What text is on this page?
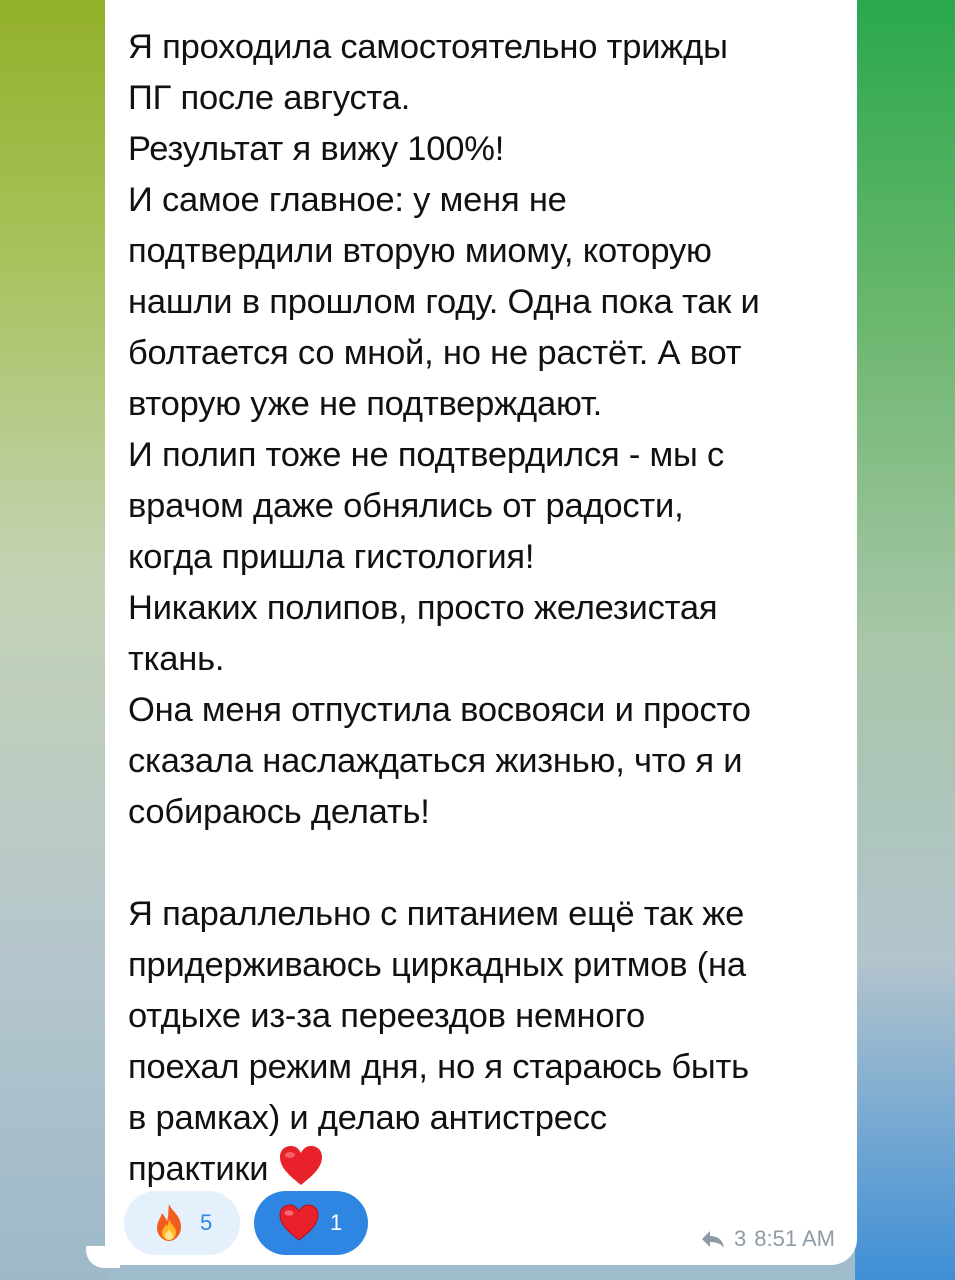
Я проходила самостоятельно трижды
ПГ после августа.
Результат я вижу 100%!
И самое главное: у меня не
подтвердили вторую миому, которую
нашли в прошлом году. Одна пока так и
болтается со мной, но не растёт. А вот
вторую уже не подтверждают.
И полип тоже не подтвердился - мы с
врачом даже обнялись от радости,
когда пришла гистология!
Никаких полипов, просто железистая
ткань.
Она меня отпустила восвояси и просто
сказала наслаждаться жизнью, что я и
собираюсь делать!

Я параллельно с питанием ещё так же
придерживаюсь циркадных ритмов (на
отдыхе из-за переездов немного
поехал режим дня, но я стараюсь быть
в рамках) и делаю антистресс
практики
5	1
3 8:51 AM
